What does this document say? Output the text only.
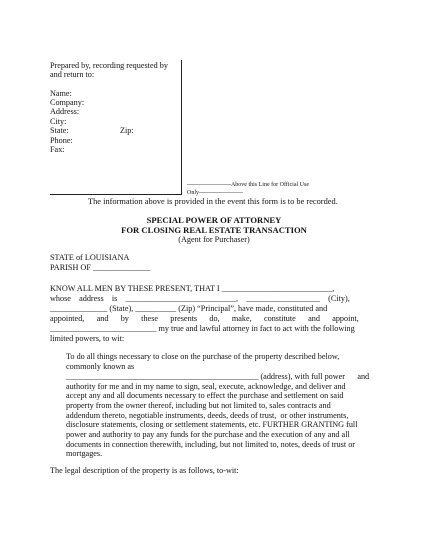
Prepared by, recording requested by
and return to:
Name:
Company:
Address:
City:
State:	Zip:
Phone:
Fax:
----------------------Above this Line for Official Use
Only----------------------
The information above is provided in the event this form is to be recorded.
SPECIAL POWER OF ATTORNEY
FOR CLOSING REAL ESTATE TRANSACTION
(Agent for Purchaser)
STATE of LOUISIANA
PARISH OF ______________
KNOW ALL MEN BY THESE PRESENT, THAT I ___________________________,
whose    address    is    ___________________________,    __________________    (City),
______________ (State), __________ (Zip) “Principal”, have made, constituted and
appointed,      and      by      these      presents      do,      make,      constitute      and      appoint,
__________________________ my true and lawful attorney in fact to act with the following
limited powers, to wit:
To do all things necessary to close on the purchase of the property described below,
commonly known as
_______________________________________________ (address), with full power      and
authority for me and in my name to sign, seal, execute, acknowledge, and deliver and
accept any and all documents necessary to effect the purchase and settlement on said
property from the owner thereof, including but not limited to, sales contracts and
addendum thereto, negotiable instruments, deeds, deeds of trust,  or other instruments,
disclosure statements, closing or settlement statements, etc. FURTHER GRANTING full
power and authority to pay any funds for the purchase and the execution of any and all
documents in connection therewith, including, but not limited to, notes, deeds of trust or
mortgages.
The legal description of the property is as follows, to-wit:
